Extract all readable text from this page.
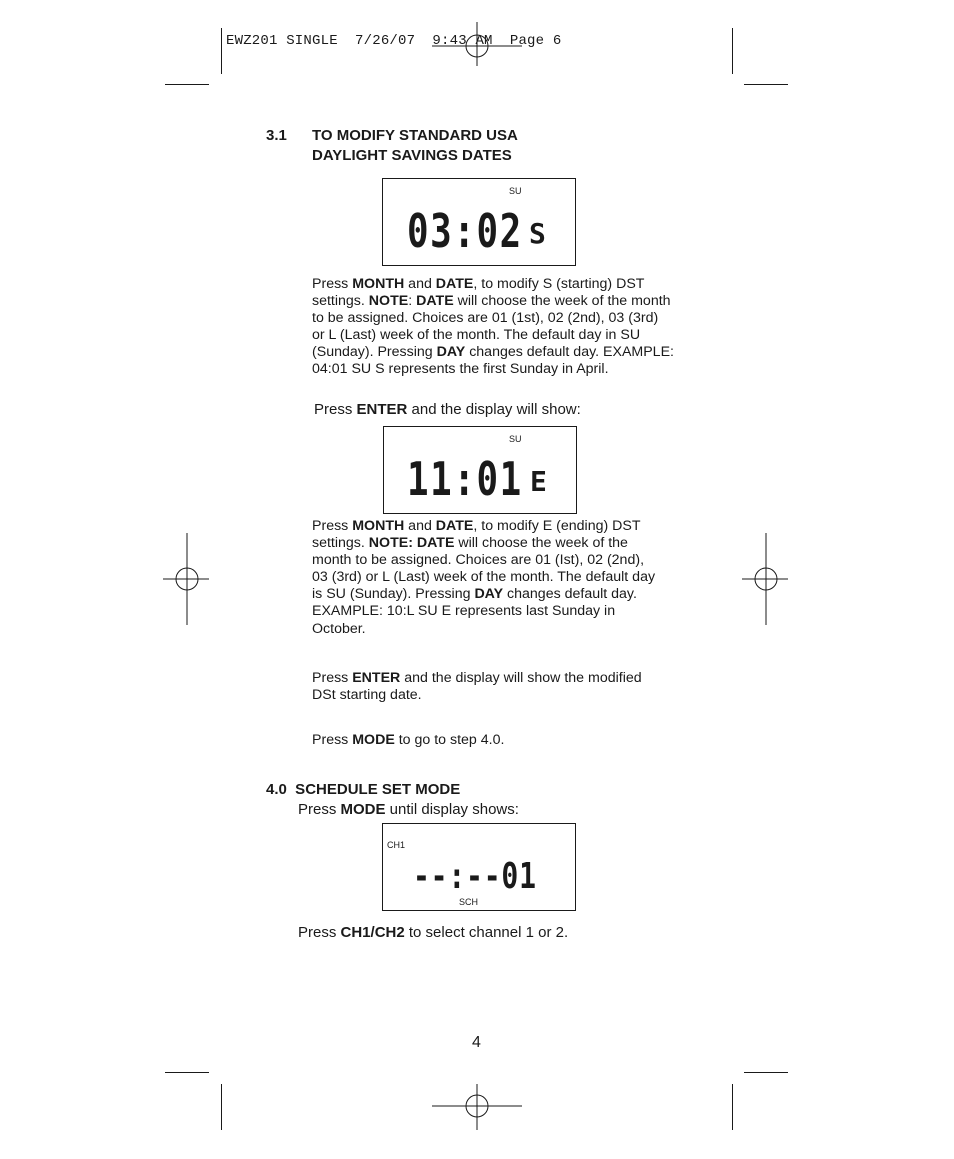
EWZ201 SINGLE  7/26/07  9:43 AM  Page 6
3.1 TO MODIFY STANDARD USA
DAYLIGHT SAVINGS DATES
SU
03:02 S
Press MONTH and DATE, to modify S (starting) DST
settings. NOTE: DATE will choose the week of the month
to be assigned. Choices are 01 (1st), 02 (2nd), 03 (3rd)
or L (Last) week of the month. The default day in SU
(Sunday). Pressing DAY changes default day. EXAMPLE:
04:01 SU S represents the first Sunday in April.
Press ENTER and the display will show:
SU
11:01 E
Press MONTH and DATE, to modify E (ending) DST
settings. NOTE: DATE will choose the week of the
month to be assigned. Choices are 01 (Ist), 02 (2nd),
03 (3rd) or L (Last) week of the month. The default day
is SU (Sunday). Pressing DAY changes default day.
EXAMPLE: 10:L SU E represents last Sunday in
October.
Press ENTER and the display will show the modified
DSt starting date.
Press MODE to go to step 4.0.
4.0  SCHEDULE SET MODE
Press MODE until display shows:
CH1
--:--01
SCH
Press CH1/CH2 to select channel 1 or 2.
4
